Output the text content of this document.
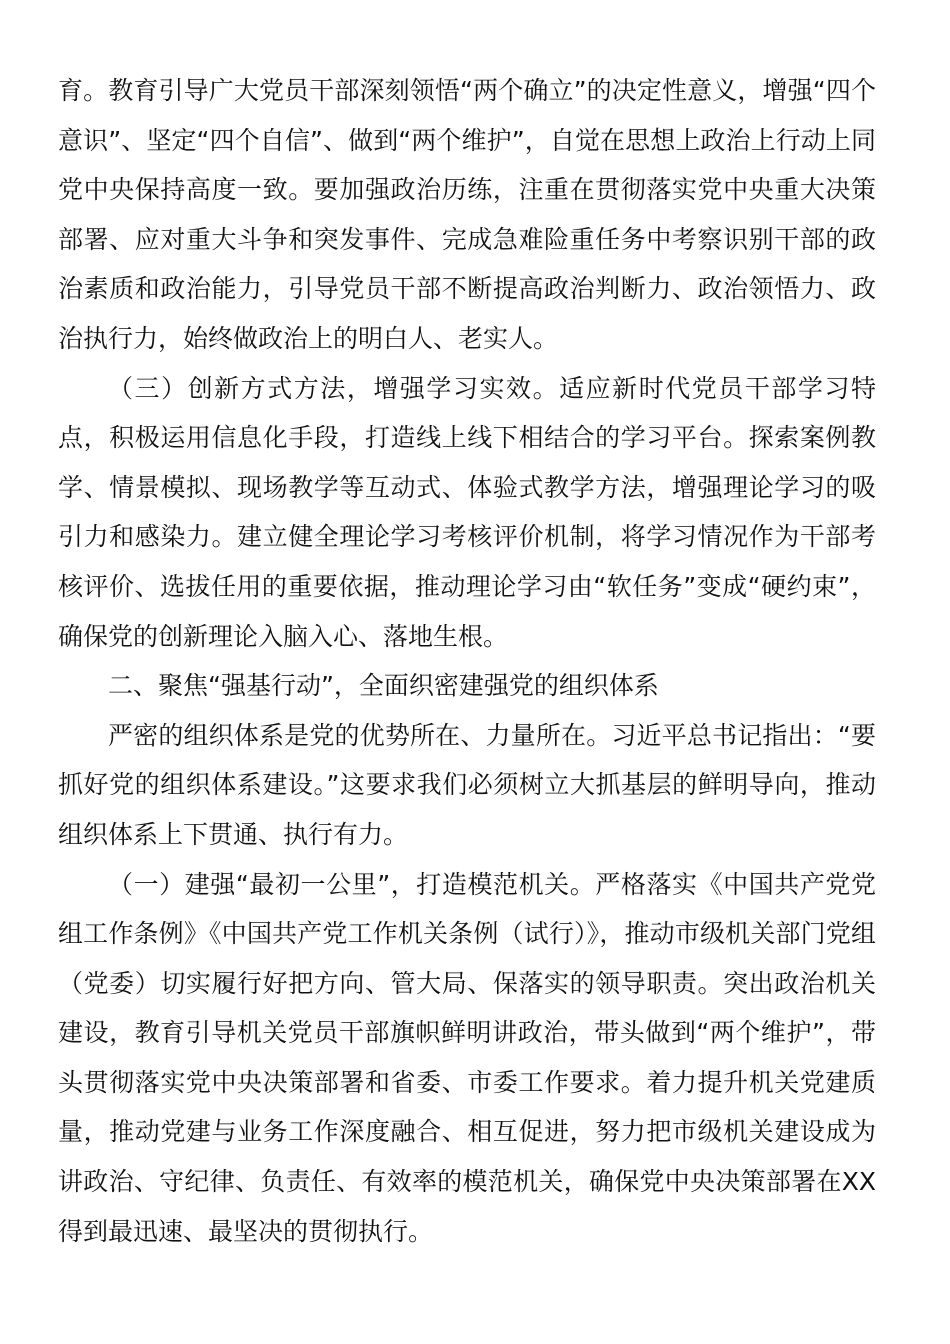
育。教育引导广大党员干部深刻领悟“两个确立”的决定性意义，增强“四个意识”、坚定“四个自信”、做到“两个维护”，自觉在思想上政治上行动上同党中央保持高度一致。要加强政治历练，注重在贯彻落实党中央重大决策部署、应对重大斗争和突发事件、完成急难险重任务中考察识别干部的政治素质和政治能力，引导党员干部不断提高政治判断力、政治领悟力、政治执行力，始终做政治上的明白人、老实人。

（三）创新方式方法，增强学习实效。适应新时代党员干部学习特点，积极运用信息化手段，打造线上线下相结合的学习平台。探索案例教学、情景模拟、现场教学等互动式、体验式教学方法，增强理论学习的吸引力和感染力。建立健全理论学习考核评价机制，将学习情况作为干部考核评价、选拔任用的重要依据，推动理论学习由“软任务”变成“硬约束”，确保党的创新理论入脑入心、落地生根。

二、聚焦“强基行动”，全面织密建强党的组织体系

严密的组织体系是党的优势所在、力量所在。习近平总书记指出：“要抓好党的组织体系建设。”这要求我们必须树立大抓基层的鲜明导向，推动组织体系上下贯通、执行有力。

（一）建强“最初一公里”，打造模范机关。严格落实《中国共产党党组工作条例》《中国共产党工作机关条例（试行）》，推动市级机关部门党组（党委）切实履行好把方向、管大局、保落实的领导职责。突出政治机关建设，教育引导机关党员干部旗帜鲜明讲政治，带头做到“两个维护”，带头贯彻落实党中央决策部署和省委、市委工作要求。着力提升机关党建质量，推动党建与业务工作深度融合、相互促进，努力把市级机关建设成为讲政治、守纪律、负责任、有效率的模范机关，确保党中央决策部署在XX得到最迅速、最坚决的贯彻执行。
